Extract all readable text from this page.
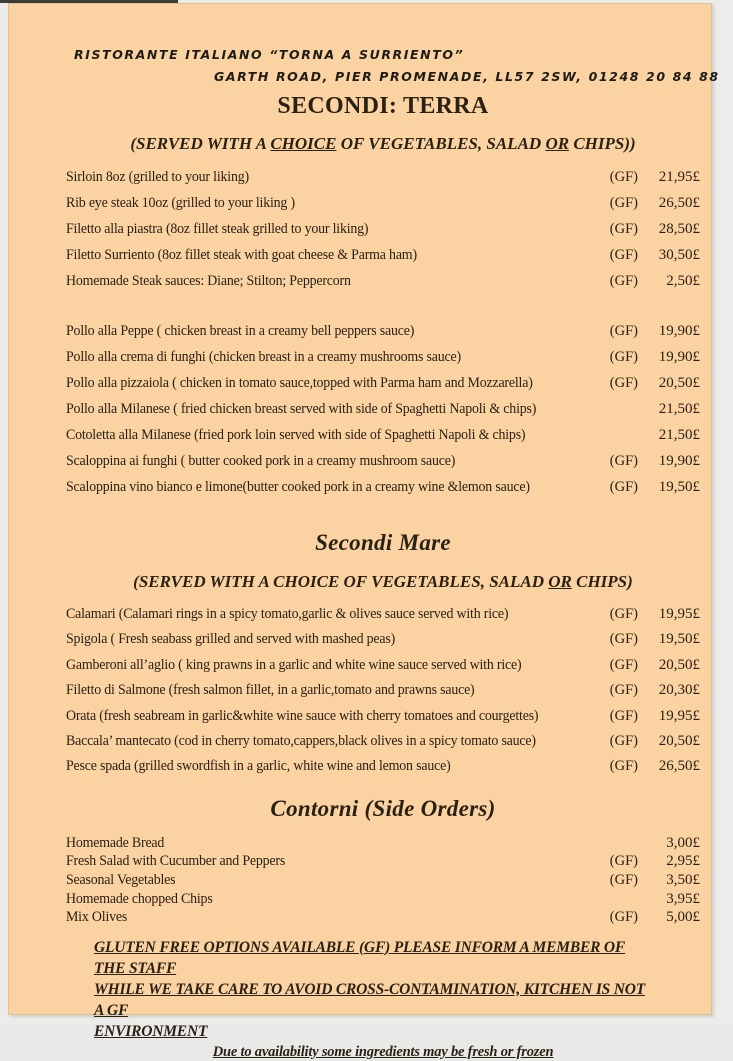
RISTORANTE ITALIANO “TORNA A SURRIENTO”
GARTH ROAD, PIER PROMENADE, LL57 2SW, 01248 20 84 88
SECONDI: TERRA
(SERVED WITH A CHOICE OF VEGETABLES, SALAD OR CHIPS))
Sirloin 8oz (grilled to your liking)	(GF)	21,95£
Rib eye steak 10oz (grilled to your liking )	(GF)	26,50£
Filetto alla piastra (8oz fillet steak grilled to your liking)	(GF)	28,50£
Filetto Surriento (8oz fillet steak with goat cheese & Parma ham)	(GF)	30,50£
Homemade Steak sauces: Diane; Stilton; Peppercorn	(GF)	2,50£
Pollo alla Peppe ( chicken breast in a creamy bell peppers sauce)	(GF)	19,90£
Pollo alla crema di funghi (chicken breast in a creamy mushrooms sauce)	(GF)	19,90£
Pollo alla pizzaiola ( chicken in tomato sauce,topped with Parma ham and Mozzarella)	(GF)	20,50£
Pollo alla Milanese ( fried chicken breast served with side of Spaghetti Napoli & chips)	21,50£
Cotoletta alla Milanese (fried pork loin served with side of Spaghetti Napoli & chips)	21,50£
Scaloppina ai funghi ( butter cooked pork in a creamy mushroom sauce)	(GF)	19,90£
Scaloppina vino bianco e limone(butter cooked pork in a creamy wine &lemon sauce)	(GF)	19,50£
Secondi Mare
(SERVED WITH A CHOICE OF VEGETABLES, SALAD OR CHIPS)
Calamari (Calamari rings in a spicy tomato,garlic & olives sauce served with rice)	(GF)	19,95£
Spigola ( Fresh seabass grilled and served with mashed peas)	(GF)	19,50£
Gamberoni all’aglio ( king prawns in a garlic and white wine sauce served with rice)	(GF)	20,50£
Filetto di Salmone (fresh salmon fillet, in a garlic,tomato and prawns sauce)	(GF)	20,30£
Orata (fresh seabream in garlic&white wine sauce with cherry tomatoes and courgettes)	(GF)	19,95£
Baccala’ mantecato (cod in cherry tomato,cappers,black olives in a spicy tomato sauce)	(GF)	20,50£
Pesce spada (grilled swordfish in a garlic, white wine and lemon sauce)	(GF)	26,50£
Contorni (Side Orders)
Homemade Bread	3,00£
Fresh Salad with Cucumber and Peppers	(GF)	2,95£
Seasonal Vegetables	(GF)	3,50£
Homemade chopped Chips	3,95£
Mix Olives	(GF)	5,00£
GLUTEN FREE OPTIONS AVAILABLE (GF) PLEASE INFORM A MEMBER OF THE STAFF
WHILE WE TAKE CARE TO AVOID CROSS-CONTAMINATION, KITCHEN IS NOT A GF
ENVIRONMENT
Due to availability some ingredients may be fresh or frozen
